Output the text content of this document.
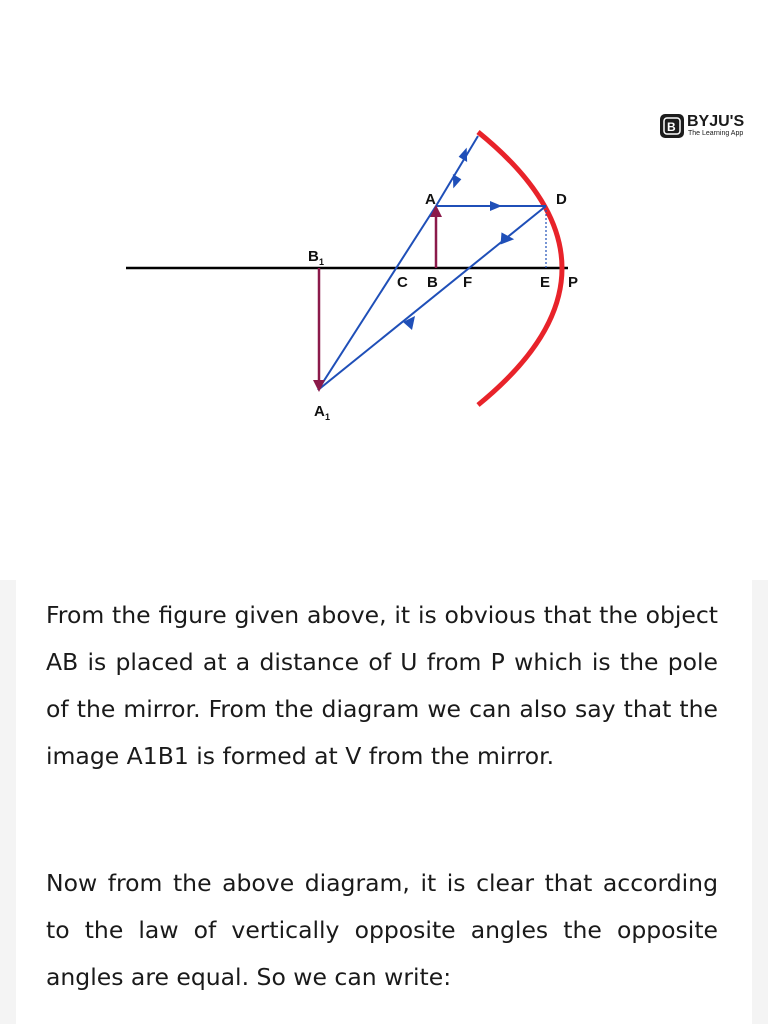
A	D
C B F	E P
B 1
A 1
B BYJU'S
The Learning App

From the figure given above, it is obvious that the object AB is placed at a distance of U from P which is the pole of the mirror. From the diagram we can also say that the image A1B1 is formed at V from the mirror.

Now from the above diagram, it is clear that according to the law of vertically opposite angles the opposite angles are equal. So we can write:
